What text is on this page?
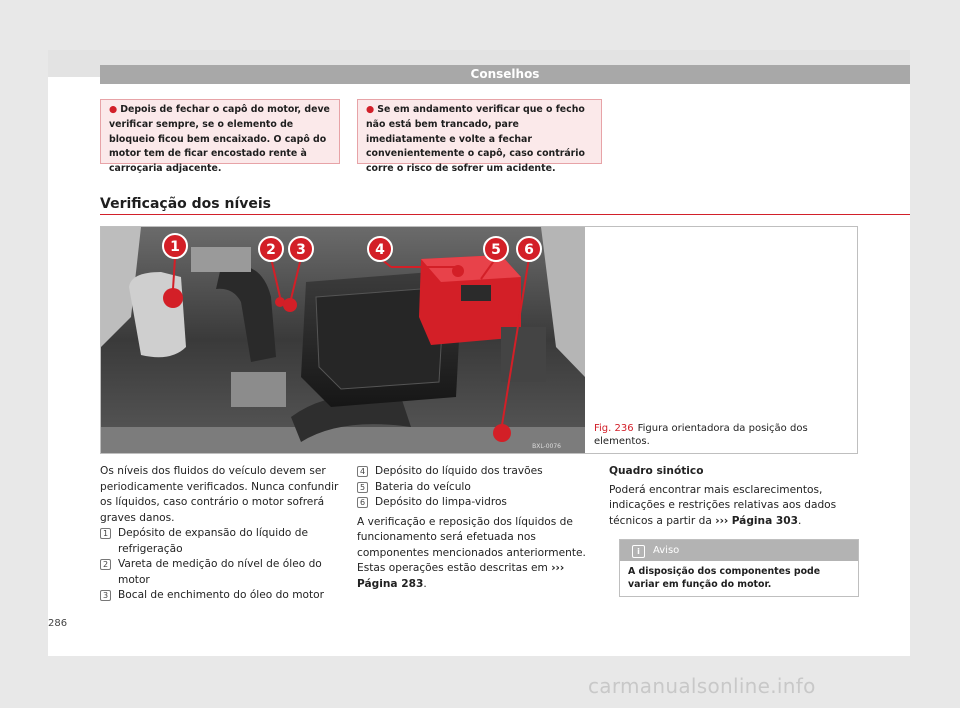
Conselhos
● Depois de fechar o capô do motor, deve verificar sempre, se o elemento de bloqueio ficou bem encaixado. O capô do motor tem de ficar encostado rente à carroçaria adjacente.
● Se em andamento verificar que o fecho não está bem trancado, pare imediatamente e volte a fechar convenientemente o capô, caso contrário corre o risco de sofrer um acidente.
Verificação dos níveis
1	2 3	4	5 6
BXL-0076
Fig. 236 Figura orientadora da posição dos elementos.

Os níveis dos fluidos do veículo devem ser periodicamente verificados. Nunca confundir os líquidos, caso contrário o motor sofrerá graves danos.

1 Depósito de expansão do líquido de refrigeração
2 Vareta de medição do nível de óleo do motor
3 Bocal de enchimento do óleo do motor
4 Depósito do líquido dos travões
5 Bateria do veículo
6 Depósito do limpa-vidros

A verificação e reposição dos líquidos de funcionamento será efetuada nos componentes mencionados anteriormente. Estas operações estão descritas em ››› Página 283.

Quadro sinótico

Poderá encontrar mais esclarecimentos, indicações e restrições relativas aos dados técnicos a partir da ››› Página 303.

i Aviso
A disposição dos componentes pode variar em função do motor.
286
carmanualsonline.info
